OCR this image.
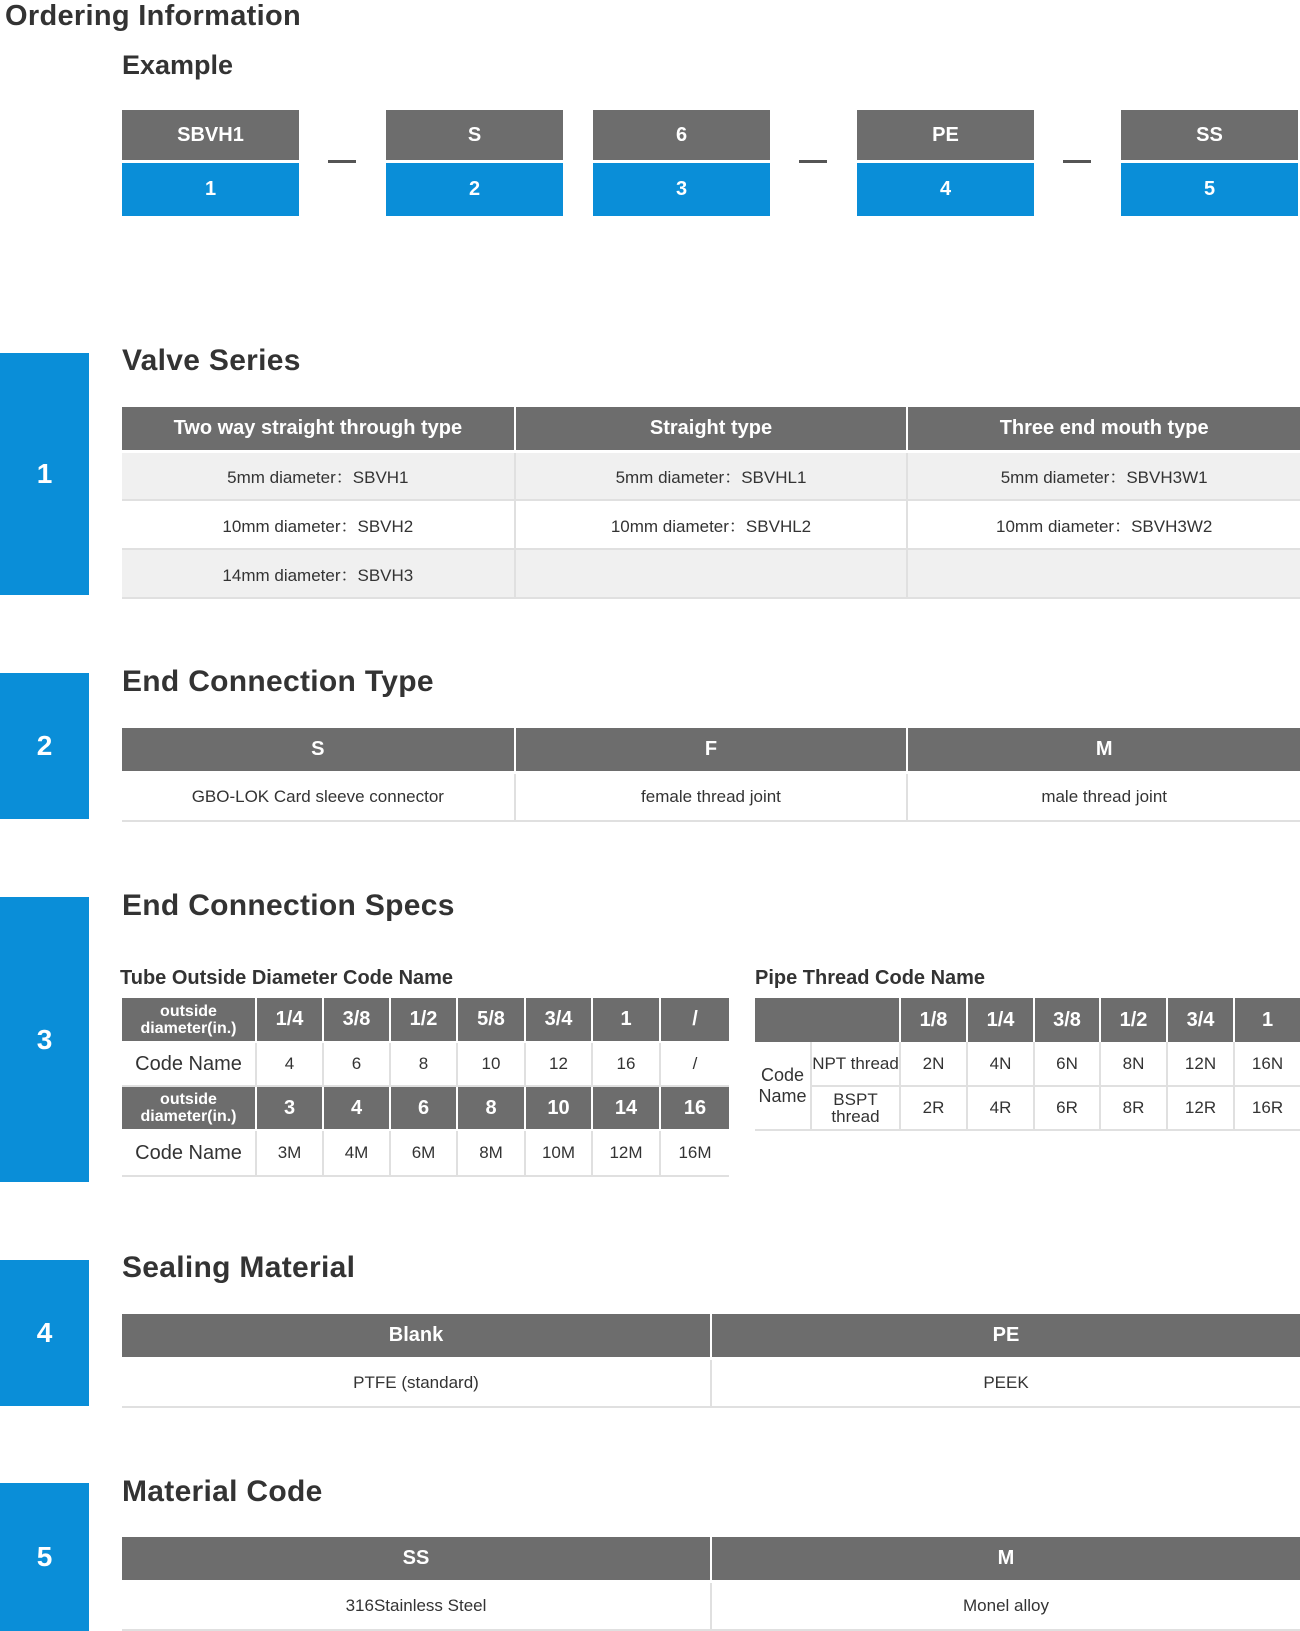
Ordering Information
Example
SBVH1
1
S
2
6
3
PE
4
SS
5
1
Valve Series
Two way straight through type	Straight type	Three end mouth type
5mm diameter：SBVH1	5mm diameter：SBVHL1	5mm diameter：SBVH3W1
10mm diameter：SBVH2	10mm diameter：SBVHL2	10mm diameter：SBVH3W2
14mm diameter：SBVH3		
2
End Connection Type
S	F	M
GBO-LOK Card sleeve connector	female thread joint	male thread joint
3
End Connection Specs
Tube Outside Diameter Code Name
outside diameter(in.)	1/4	3/8	1/2	5/8	3/4	1	/
Code Name	4	6	8	10	12	16	/
outside diameter(in.)	3	4	6	8	10	14	16
Code Name	3M	4M	6M	8M	10M	12M	16M
Pipe Thread Code Name
		1/8	1/4	3/8	1/2	3/4	1
Code Name	NPT thread	2N	4N	6N	8N	12N	16N
	BSPT thread	2R	4R	6R	8R	12R	16R
4
Sealing Material
Blank	PE
PTFE (standard)	PEEK
5
Material Code
SS	M
316Stainless Steel	Monel alloy
